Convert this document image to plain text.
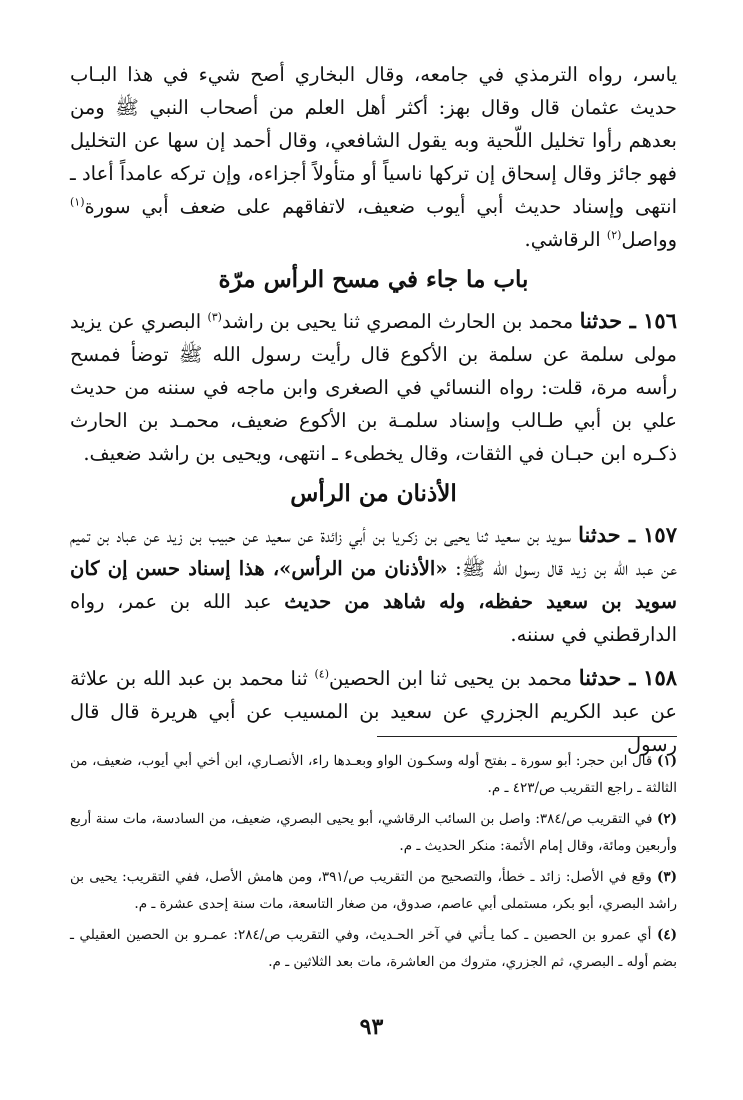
ياسر، رواه الترمذي في جامعه، وقال البخاري أصح شيء في هذا البـاب حديث عثمان قال وقال بهز: أكثر أهل العلم من أصحاب النبي ﷺ ومن بعدهم رأوا تخليل اللّحية وبه يقول الشافعي، وقال أحمد إن سها عن التخليل فهو جائز وقال إسحاق إن تركها ناسياً أو متأولاً أجزاءه، وإن تركه عامداً أعاد ـ انتهى وإسناد حديث أبي أيوب ضعيف، لاتفاقهم على ضعف أبي سورة$^{(١)}$ وواصل$^{(٢)}$ الرقاشي.

باب ما جاء في مسح الرأس مرّة

١٥٦ ـ حدثنا محمد بن الحارث المصري ثنا يحيى بن راشد$^{(٣)}$ البصري عن يزيد مولى سلمة عن سلمة بن الأكوع قال رأيت رسول الله ﷺ توضأ فمسح رأسه مرة، قلت: رواه النسائي في الصغرى وابن ماجه في سننه من حديث علي بن أبي طـالب وإسناد سلمـة بن الأكوع ضعيف، محمـد بن الحارث ذكـره ابن حبـان في الثقات، وقال يخطىء ـ انتهى، ويحيى بن راشد ضعيف.

الأذنان من الرأس

١٥٧ ـ حدثنا سويد بن سعيد ثنا يحيى بن زكـريا بن أبي زائدة عن سعيد عن حبيب بن زيد عن عباد بن تميم عن عبد الله بن زيد قال رسول الله ﷺ: «الأذنان من الرأس»، هذا إسناد حسن إن كان سويد بن سعيد حفظه، وله شاهد من حديث عبد الله بن عمر، رواه الدارقطني في سننه.

١٥٨ ـ حدثنا محمد بن يحيى ثنا ابن الحصين$^{(٤)}$ ثنا محمد بن عبد الله بن علاثة عن عبد الكريم الجزري عن سعيد بن المسيب عن أبي هريرة قال قال رسول

(١) قال ابن حجر: أبو سورة ـ بفتح أوله وسكـون الواو وبعـدها راء، الأنصـاري، ابن أخي أبي أيوب، ضعيف، من الثالثة ـ راجع التقريب ص/٤٢٣ ـ م.

(٢) في التقريب ص/٣٨٤: واصل بن السائب الرقاشي، أبو يحيى البصري، ضعيف، من السادسة، مات سنة أربع وأربعين ومائة، وقال إمام الأئمة: منكر الحديث ـ م.

(٣) وقع في الأصل: زائد ـ خطأ، والتصحيح من التقريب ص/٣٩١، ومن هامش الأصل، ففي التقريب: يحيى بن راشد البصري، أبو بكر، مستملى أبي عاصم، صدوق، من صغار التاسعة، مات سنة إحدى عشرة ـ م.

(٤) أي عمرو بن الحصين ـ كما يـأتي في آخر الحـديث، وفي التقريب ص/٢٨٤: عمـرو بن الحصين العقيلي ـ بضم أوله ـ البصري، ثم الجزري، متروك من العاشرة، مات بعد الثلاثين ـ م.

٩٣
